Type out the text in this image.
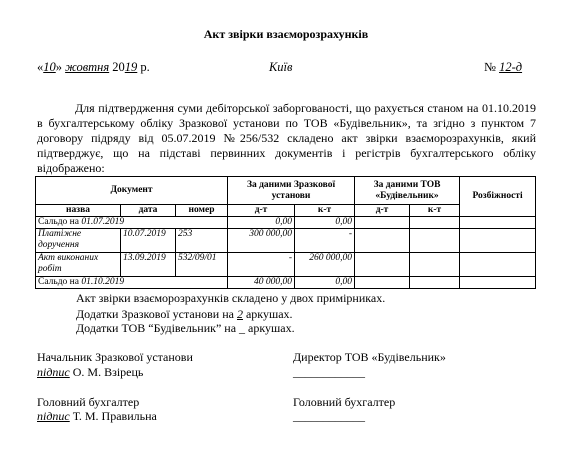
Акт звірки взаєморозрахунків
«10» жовтня 2019 р.	Київ	№ 12-д
Для підтвердження суми дебіторської заборгованості, що рахується станом на 01.10.2019 в бухгалтерському обліку Зразкової установи по ТОВ «Будівельник», та згідно з пунктом 7 договору підряду від 05.07.2019 №256/532 складено акт звірки взаєморозрахунків, який підтверджує, що на підставі первинних документів і регістрів бухгалтерського обліку відображено:
Документ			За даними Зразкової установи		За даними ТОВ «Будівельник»		Розбіжності
назва	дата	номер	д-т	к-т	д-т	к-т	
Сальдо на 01.07.2019			0,00	0,00			
Платіжне доручення	10.07.2019	253	300 000,00	-			
Акт виконаних робіт	13.09.2019	532/09/01	-	260 000,00			
Сальдо на 01.10.2019			40 000,00	0,00			
Акт звірки взаєморозрахунків складено у двох примірниках.
Додатки Зразкової установи на 2 аркушах.
Додатки ТОВ “Будівельник” на _ аркушах.
Начальник Зразкової установи
підпис О. М. Взірець
Директор ТОВ «Будівельник»
____________
Головний бухгалтер
підпис Т. М. Правильна
Головний бухгалтер
____________
